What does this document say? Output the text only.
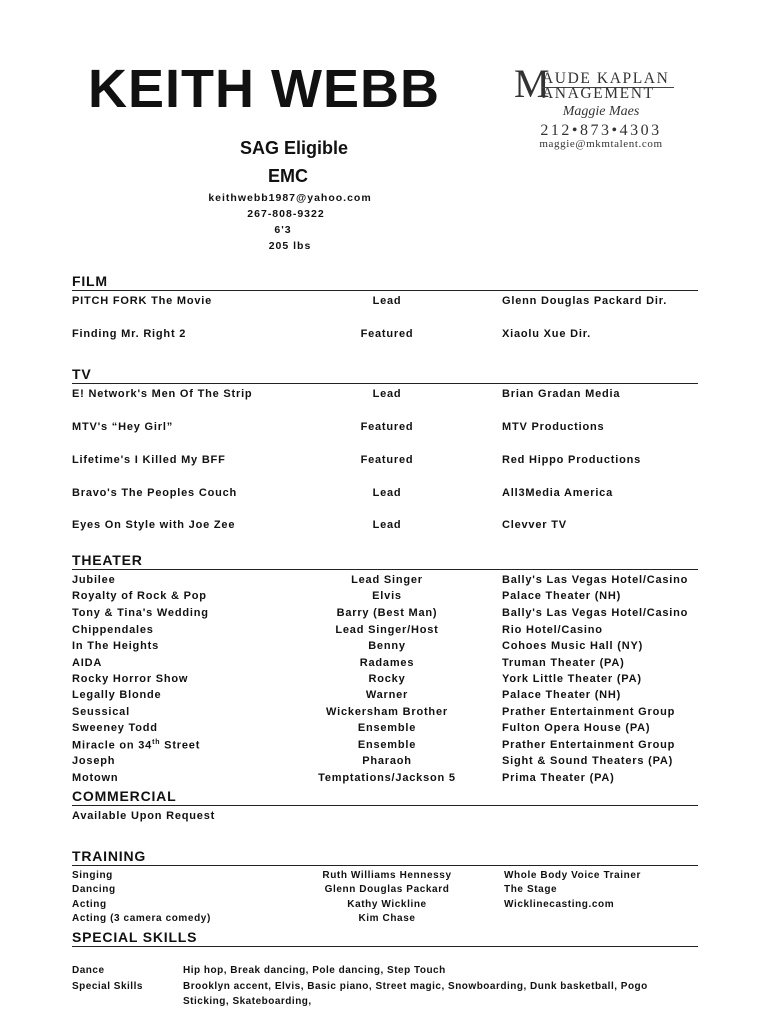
KEITH WEBB
SAG Eligible
EMC
keithwebb1987@yahoo.com
267-808-9322
6'3
205 lbs
M
AUDE KAPLAN
ANAGEMENT
Maggie Maes
212•873•4303
maggie@mkmtalent.com
FILM
PITCH FORK The Movie	Lead	Glenn Douglas Packard Dir.
Finding Mr. Right 2	Featured	Xiaolu Xue Dir.
TV
E! Network's Men Of The Strip	Lead	Brian Gradan Media
MTV's “Hey Girl”	Featured	MTV Productions
Lifetime's I Killed My BFF	Featured	Red Hippo Productions
Bravo's The Peoples Couch	Lead	All3Media America
Eyes On Style with Joe Zee	Lead	Clevver TV
THEATER
Jubilee	Lead Singer	Bally's Las Vegas Hotel/Casino
Royalty of Rock & Pop	Elvis	Palace Theater (NH)
Tony & Tina's Wedding	Barry (Best Man)	Bally's Las Vegas Hotel/Casino
Chippendales	Lead Singer/Host	Rio Hotel/Casino
In The Heights	Benny	Cohoes Music Hall (NY)
AIDA	Radames	Truman Theater (PA)
Rocky Horror Show	Rocky	York Little Theater (PA)
Legally Blonde	Warner	Palace Theater (NH)
Seussical	Wickersham Brother	Prather Entertainment Group
Sweeney Todd	Ensemble	Fulton Opera House (PA)
Miracle on 34th Street	Ensemble	Prather Entertainment Group
Joseph	Pharaoh	Sight & Sound Theaters (PA)
Motown	Temptations/Jackson 5	Prima Theater (PA)
COMMERCIAL
Available Upon Request
TRAINING
Singing	Ruth Williams Hennessy	Whole Body Voice Trainer
Dancing	Glenn Douglas Packard	The Stage
Acting	Kathy Wickline	Wicklinecasting.com
Acting (3 camera comedy)	Kim Chase
SPECIAL SKILLS
Dance	Hip hop, Break dancing, Pole dancing, Step Touch
Special Skills	Brooklyn accent, Elvis, Basic piano, Street magic, Snowboarding, Dunk basketball, Pogo Sticking, Skateboarding,
